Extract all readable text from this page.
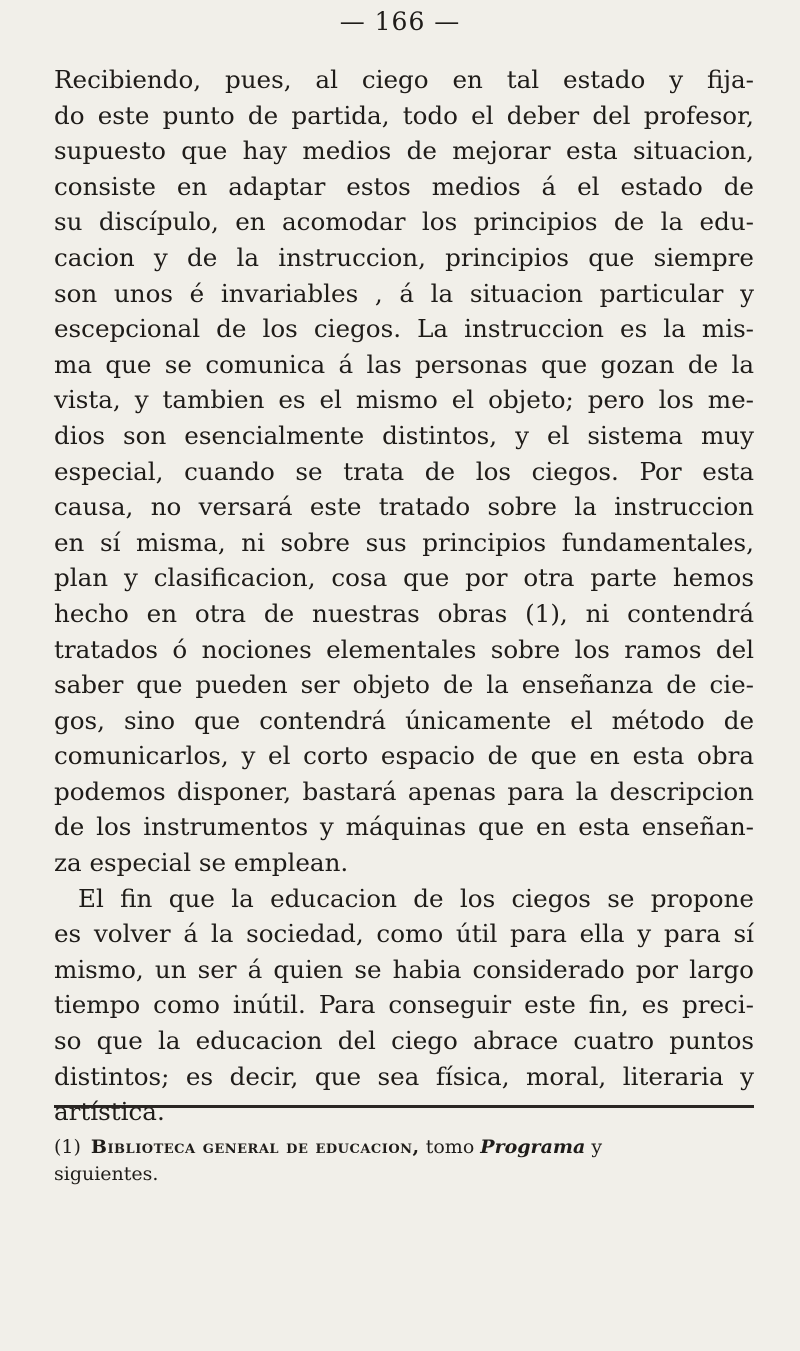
— 166 —
Recibiendo, pues, al ciego en tal estado y fija-
do este punto de partida, todo el deber del profesor,
supuesto que hay medios de mejorar esta situacion,
consiste en adaptar estos medios á el estado de
su discípulo, en acomodar los principios de la edu-
cacion y de la instruccion, principios que siempre
son unos é invariables , á la situacion particular y
escepcional de los ciegos. La instruccion es la mis-
ma que se comunica á las personas que gozan de la
vista, y tambien es el mismo el objeto; pero los me-
dios son esencialmente distintos, y el sistema muy
especial, cuando se trata de los ciegos. Por esta
causa, no versará este tratado sobre la instruccion
en sí misma, ni sobre sus principios fundamentales,
plan y clasificacion, cosa que por otra parte hemos
hecho en otra de nuestras obras (1), ni contendrá
tratados ó nociones elementales sobre los ramos del
saber que pueden ser objeto de la enseñanza de cie-
gos, sino que contendrá únicamente el método de
comunicarlos, y el corto espacio de que en esta obra
podemos disponer, bastará apenas para la descripcion
de los instrumentos y máquinas que en esta enseñan-
za especial se emplean.
El fin que la educacion de los ciegos se propone
es volver á la sociedad, como útil para ella y para sí
mismo, un ser á quien se habia considerado por largo
tiempo como inútil. Para conseguir este fin, es preci-
so que la educacion del ciego abrace cuatro puntos
distintos; es decir, que sea física, moral, literaria y
artística.
(1) Biblioteca general de educacion, tomo Programa y
siguientes.
